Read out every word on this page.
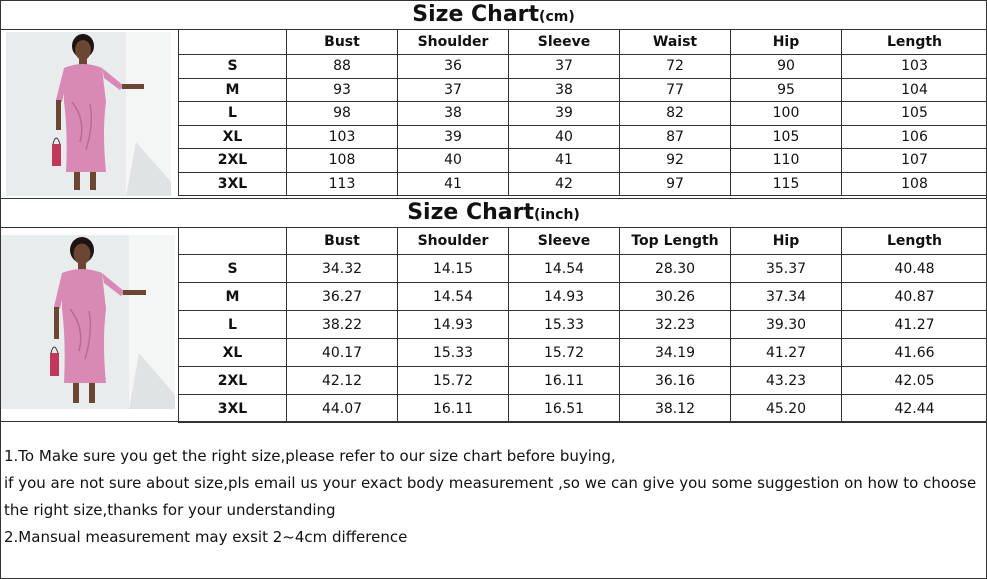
Size Chart(cm)
	Bust	Shoulder	Sleeve	Waist	Hip	Length
S	88	36	37	72	90	103
M	93	37	38	77	95	104
L	98	38	39	82	100	105
XL	103	39	40	87	105	106
2XL	108	40	41	92	110	107
3XL	113	41	42	97	115	108
Size Chart(inch)
	Bust	Shoulder	Sleeve	Top Length	Hip	Length
S	34.32	14.15	14.54	28.30	35.37	40.48
M	36.27	14.54	14.93	30.26	37.34	40.87
L	38.22	14.93	15.33	32.23	39.30	41.27
XL	40.17	15.33	15.72	34.19	41.27	41.66
2XL	42.12	15.72	16.11	36.16	43.23	42.05
3XL	44.07	16.11	16.51	38.12	45.20	42.44
1.To Make sure you get the right size,please refer to our size chart before buying,
if you are not sure about size,pls email us your exact body measurement ,so we can give you some suggestion on how to choose the right size,thanks for your understanding
2.Mansual measurement may exsit 2~4cm difference
